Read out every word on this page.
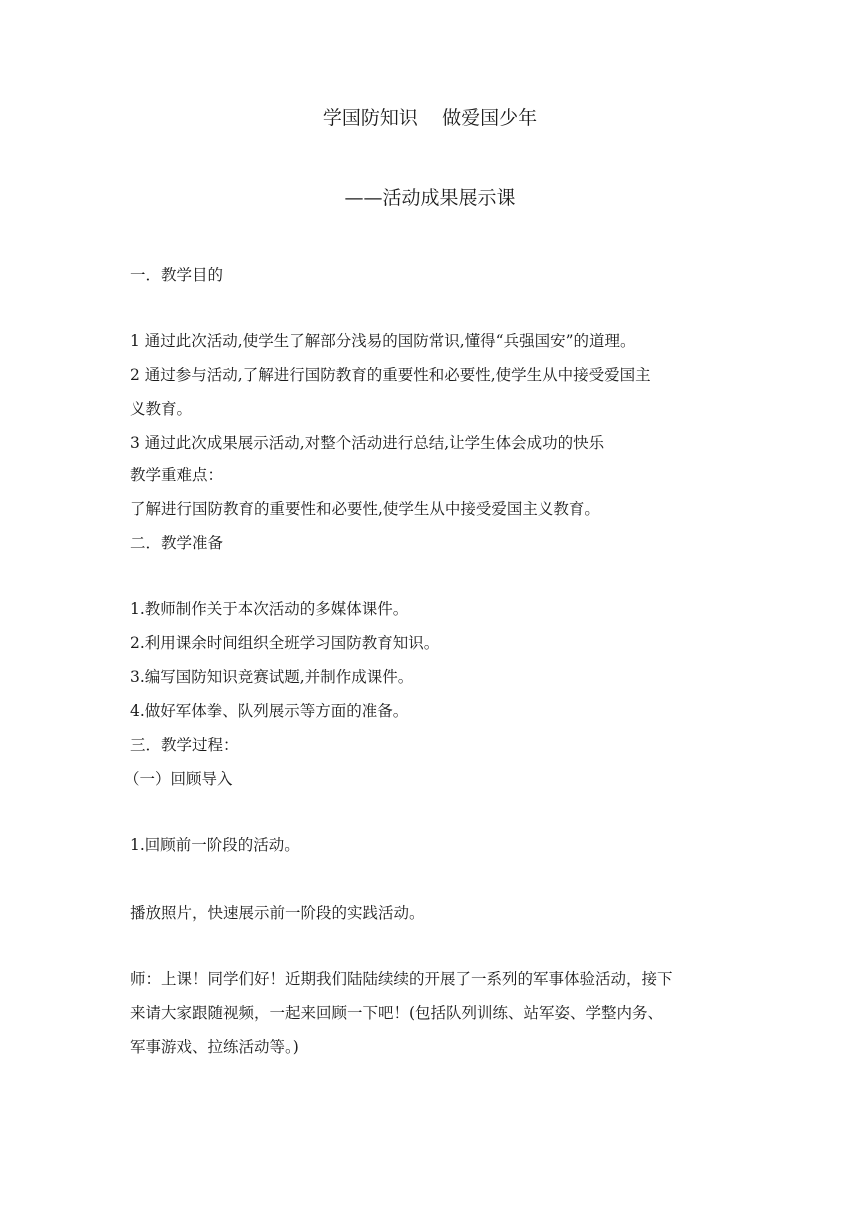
学国防知识    做爱国少年
——活动成果展示课
一．教学目的
1 通过此次活动,使学生了解部分浅易的国防常识,懂得“兵强国安”的道理。
2 通过参与活动,了解进行国防教育的重要性和必要性,使学生从中接受爱国主
义教育。
3 通过此次成果展示活动,对整个活动进行总结,让学生体会成功的快乐
教学重难点：
了解进行国防教育的重要性和必要性,使学生从中接受爱国主义教育。
二．教学准备
1.教师制作关于本次活动的多媒体课件。
2.利用课余时间组织全班学习国防教育知识。
3.编写国防知识竞赛试题,并制作成课件。
4.做好军体拳、队列展示等方面的准备。
三．教学过程：
（一）回顾导入
1.回顾前一阶段的活动。
播放照片，快速展示前一阶段的实践活动。
师：上课！同学们好！近期我们陆陆续续的开展了一系列的军事体验活动，接下
来请大家跟随视频，一起来回顾一下吧！(包括队列训练、站军姿、学整内务、
军事游戏、拉练活动等。)
